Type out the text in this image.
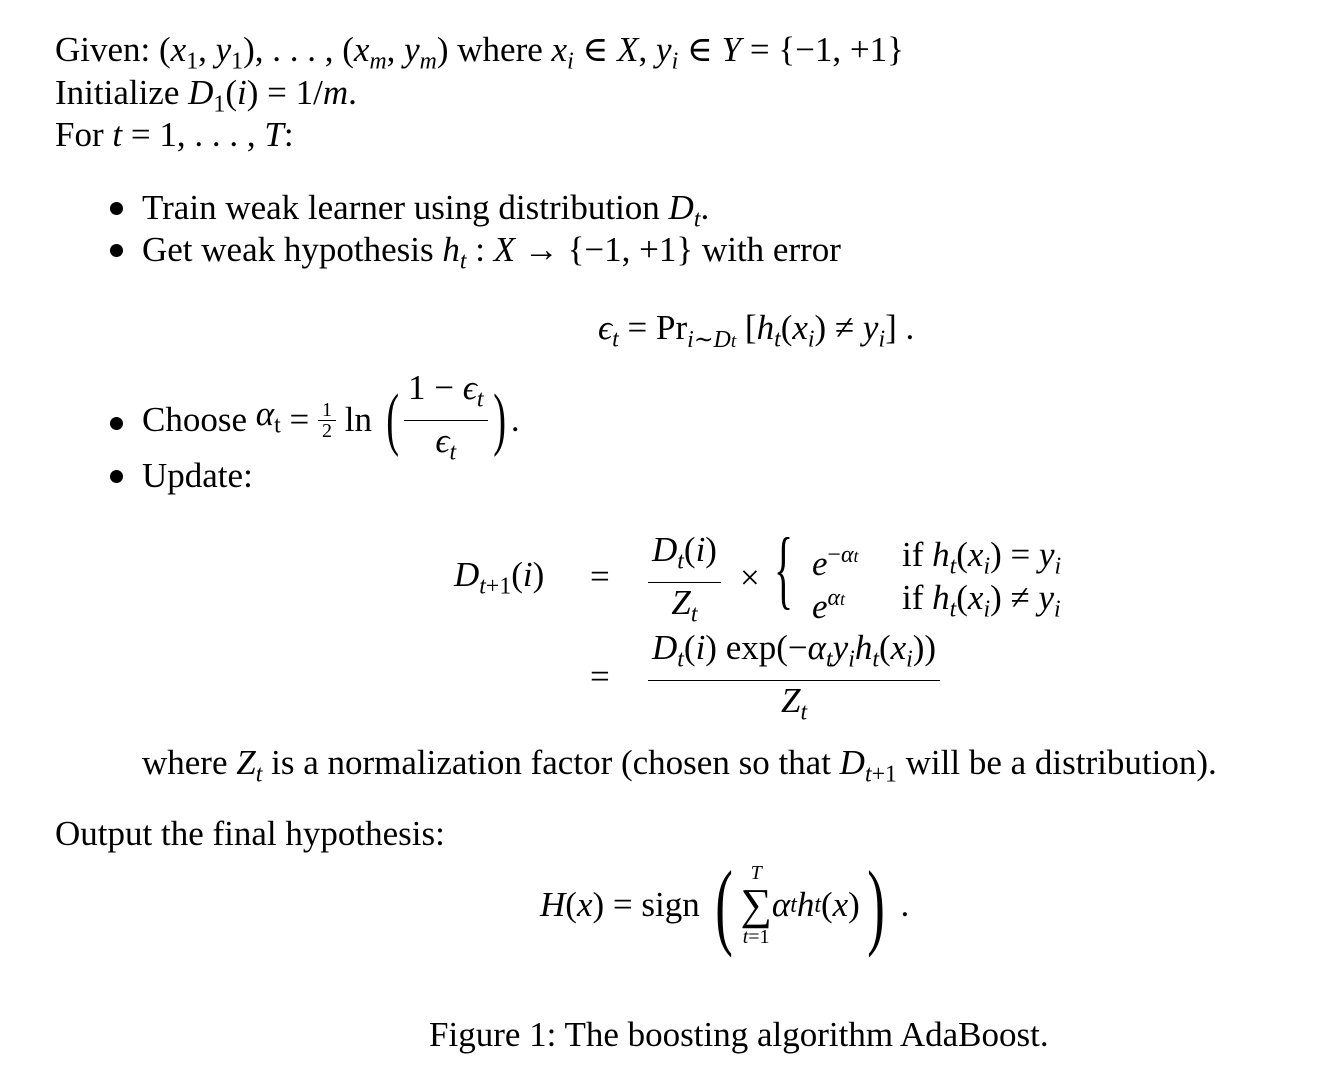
Given: ($x_1$, $y_1$), . . . , ($x_m$, $y_m$) where $x_i$ ∈ X, $y_i$ ∈ Y = {−1, +1}
Initialize $D_1(i) = 1/m$.
For t = 1, . . . , T:
Train weak learner using distribution $D_t$.
Get weak hypothesis $h_t$ : X → {−1, +1} with error
$\epsilon_t = Pr_{i\sim Dt}$ $[h_t(x_i) \ne y_i]$ .
Choose
$\alpha_t = \frac{1}{2}$
ln
( $\frac{1 - \epsilon_t}{\epsilon_t}$ ) .
Update:
$D_{t+1}(i) = \frac{D_t(i)}{Z_t}$ × { $e^{-\alpha t}$ if $h_t(x_i) = y_i$
$e^{\alpha t}$ if $h_t(x_i) \ne y_i$
= $\frac{D_t(i) \exp(-\alpha_ty_ih_t(x_i))}{Z_t}$
where $Z_t$ is a normalization factor (chosen so that $D_{t+1}$ will be a distribution).
Output the final hypothesis:
H ( x ) = sign ( T
∑
t=1
α t h t ( x ) ) .
Figure 1: The boosting algorithm AdaBoost.
